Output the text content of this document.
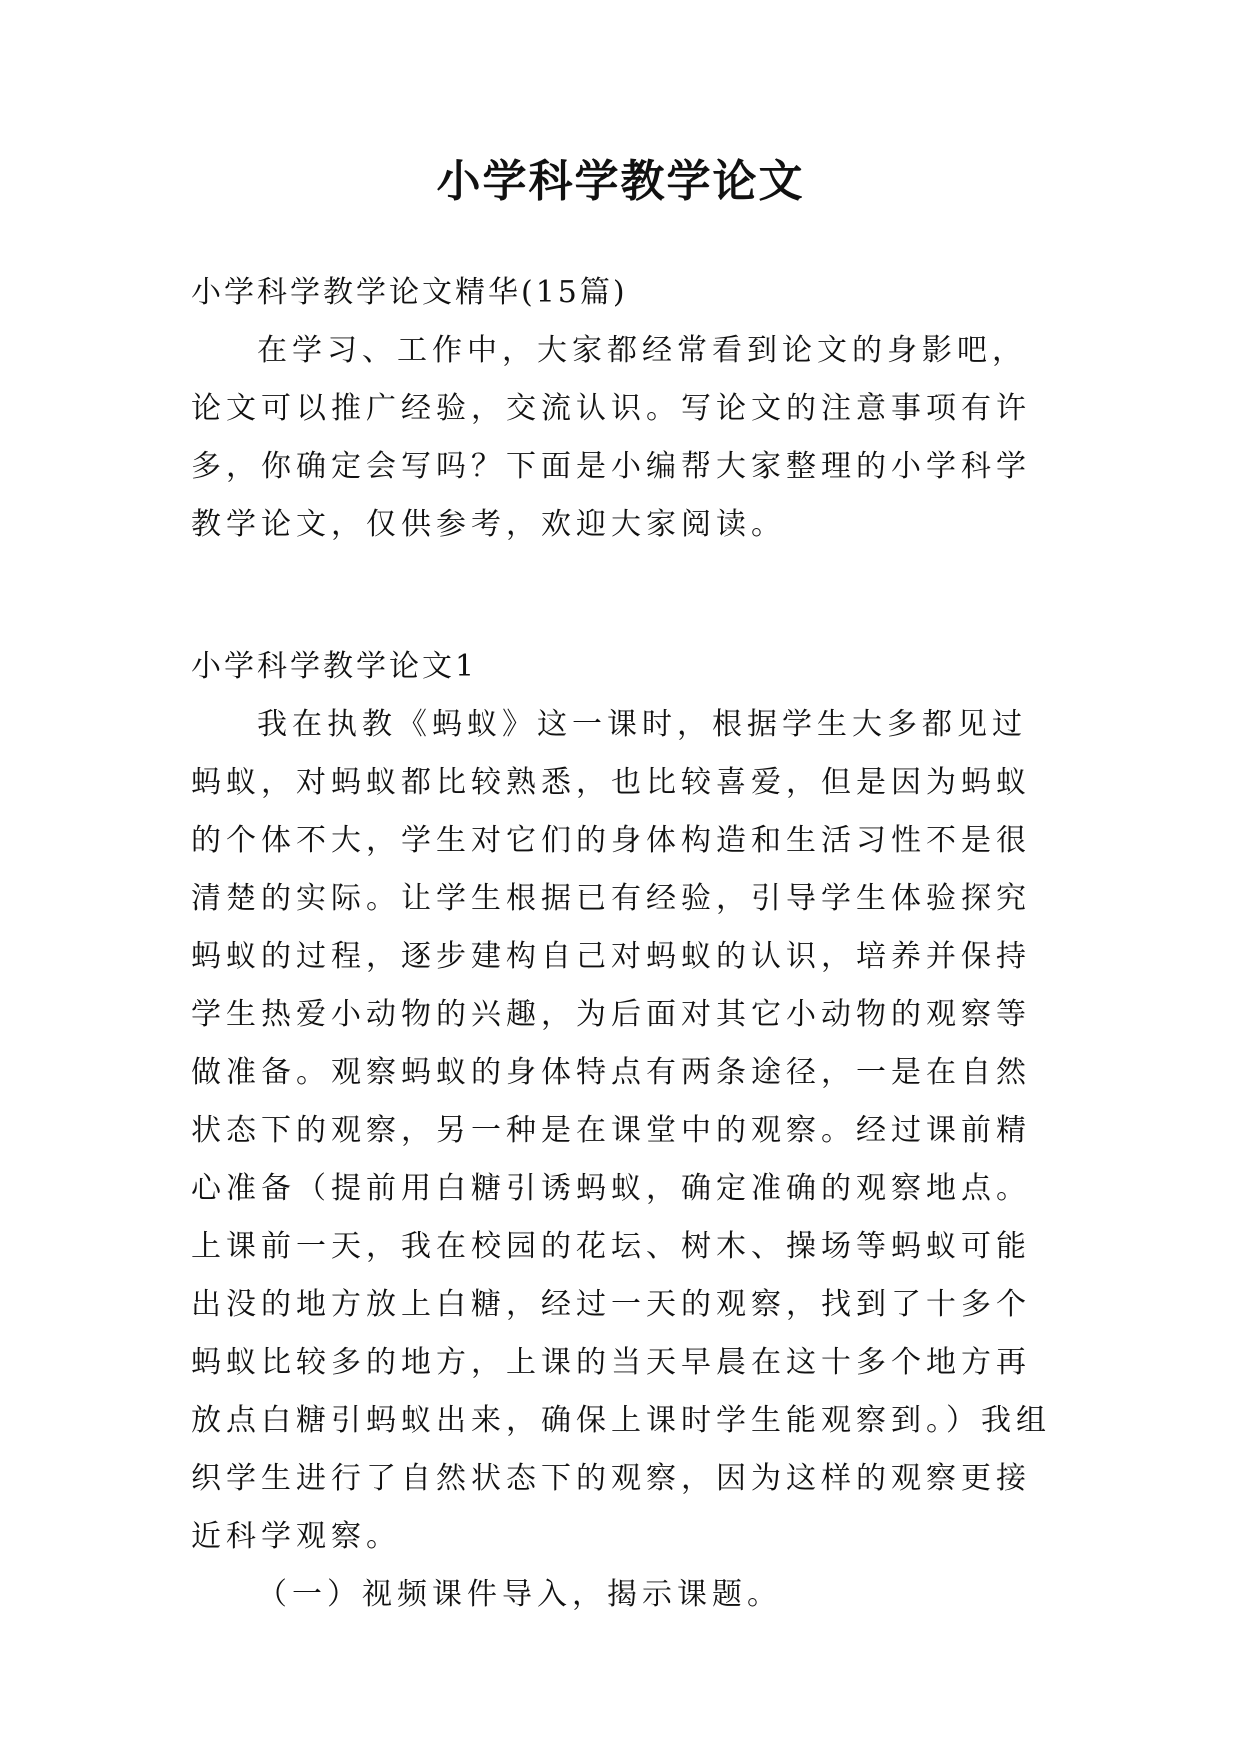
小学科学教学论文

小学科学教学论文精华(15篇)

在学习、工作中，大家都经常看到论文的身影吧，论文可以推广经验，交流认识。写论文的注意事项有许多，你确定会写吗？下面是小编帮大家整理的小学科学教学论文，仅供参考，欢迎大家阅读。

小学科学教学论文1

我在执教《蚂蚁》这一课时，根据学生大多都见过蚂蚁，对蚂蚁都比较熟悉，也比较喜爱，但是因为蚂蚁的个体不大，学生对它们的身体构造和生活习性不是很清楚的实际。让学生根据已有经验，引导学生体验探究蚂蚁的过程，逐步建构自己对蚂蚁的认识，培养并保持学生热爱小动物的兴趣，为后面对其它小动物的观察等做准备。观察蚂蚁的身体特点有两条途径，一是在自然状态下的观察，另一种是在课堂中的观察。经过课前精心准备（提前用白糖引诱蚂蚁，确定准确的观察地点。上课前一天，我在校园的花坛、树木、操场等蚂蚁可能出没的地方放上白糖，经过一天的观察，找到了十多个蚂蚁比较多的地方，上课的当天早晨在这十多个地方再放点白糖引蚂蚁出来，确保上课时学生能观察到。）我组织学生进行了自然状态下的观察，因为这样的观察更接近科学观察。

（一）视频课件导入，揭示课题。
